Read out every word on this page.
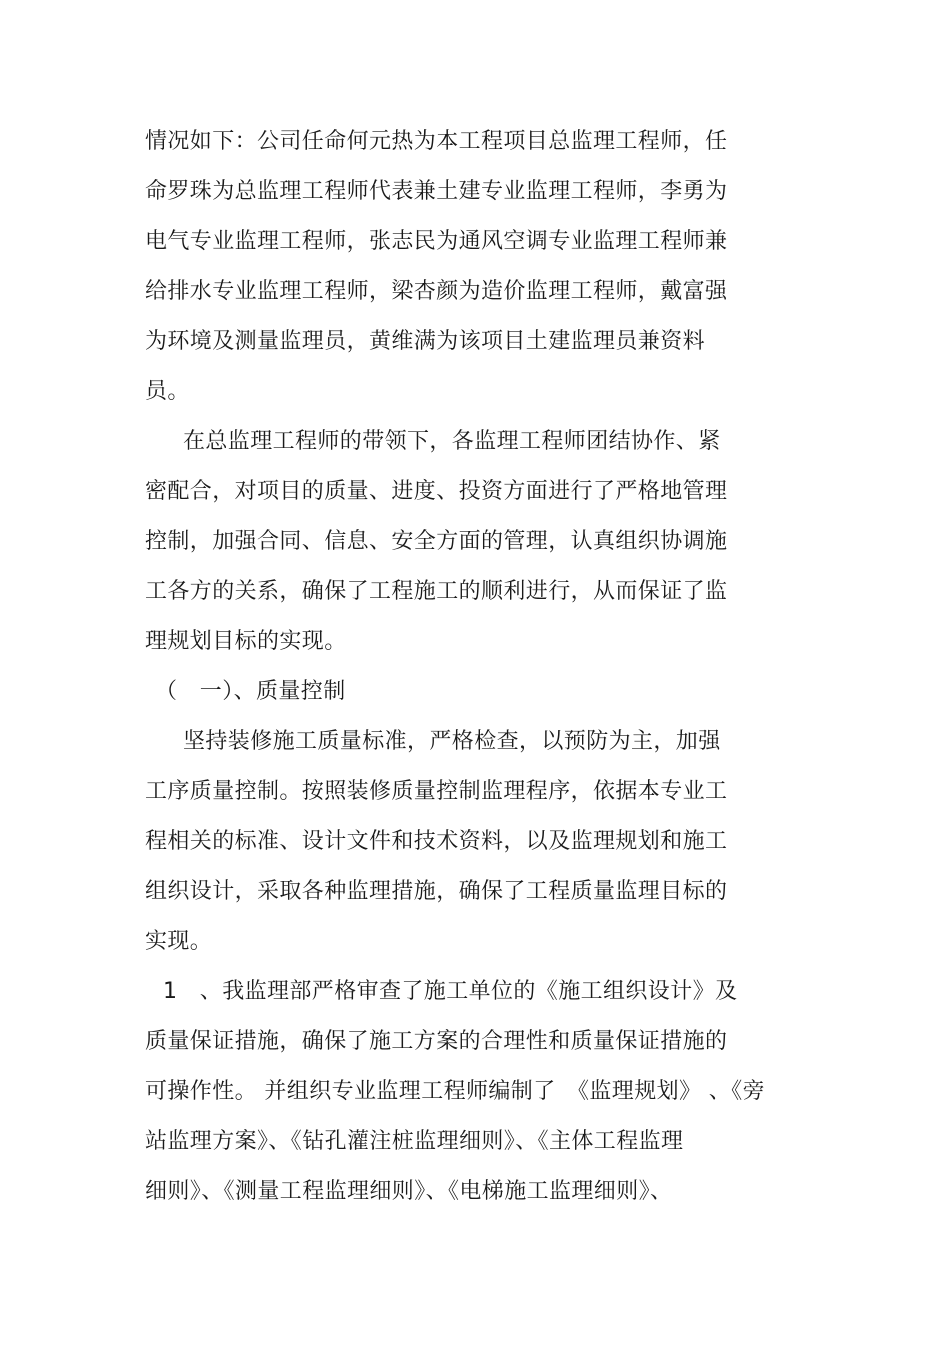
情况如下：公司任命何元热为本工程项目总监理工程师，任
命罗珠为总监理工程师代表兼土建专业监理工程师，李勇为
电气专业监理工程师，张志民为通风空调专业监理工程师兼
给排水专业监理工程师，梁杏颜为造价监理工程师，戴富强
为环境及测量监理员，黄维满为该项目土建监理员兼资料
员。
在总监理工程师的带领下，各监理工程师团结协作、紧
密配合，对项目的质量、进度、投资方面进行了严格地管理
控制，加强合同、信息、安全方面的管理，认真组织协调施
工各方的关系，确保了工程施工的顺利进行，从而保证了监
理规划目标的实现。
（　一）、质量控制
坚持装修施工质量标准，严格检查，以预防为主，加强
工序质量控制。按照装修质量控制监理程序，依据本专业工
程相关的标准、设计文件和技术资料，以及监理规划和施工
组织设计，采取各种监理措施，确保了工程质量监理目标的
实现。
1　、我监理部严格审查了施工单位的《施工组织设计》及
质量保证措施，确保了施工方案的合理性和质量保证措施的
可操作性。 并组织专业监理工程师编制了　《监理规划》 、《旁
站监理方案》、《钻孔灌注桩监理细则》、《主体工程监理
细则》、《测量工程监理细则》、《电梯施工监理细则》、
